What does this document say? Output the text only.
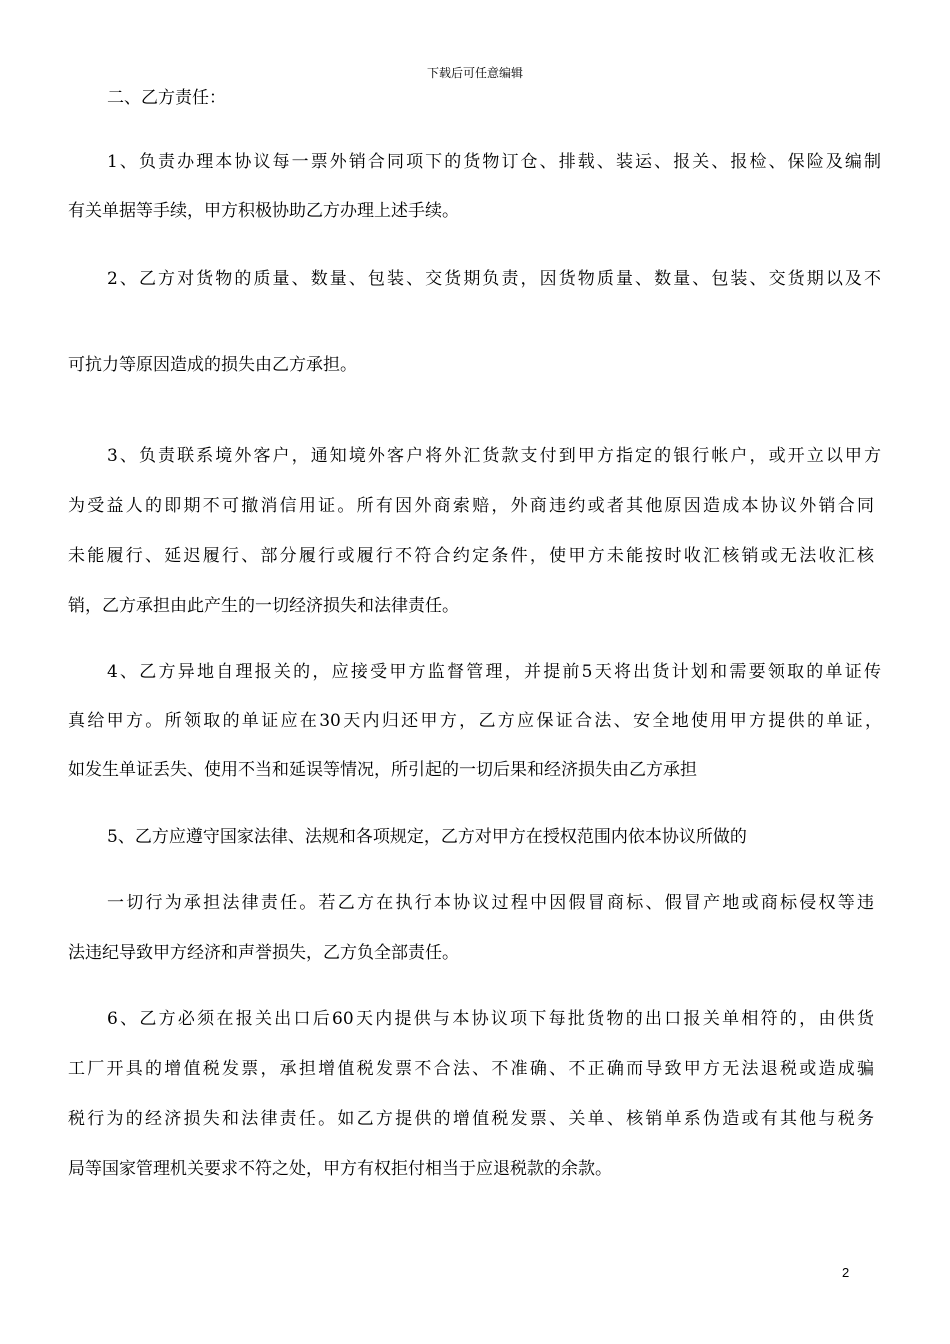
下载后可任意编辑
二、乙方责任：
1、负责办理本协议每一票外销合同项下的货物订仓、排载、装运、报关、报检、保险及编制
有关单据等手续，甲方积极协助乙方办理上述手续。
2、乙方对货物的质量、数量、包装、交货期负责，因货物质量、数量、包装、交货期以及不
可抗力等原因造成的损失由乙方承担。
3、负责联系境外客户，通知境外客户将外汇货款支付到甲方指定的银行帐户，或开立以甲方
为受益人的即期不可撤消信用证。所有因外商索赔，外商违约或者其他原因造成本协议外销合同
未能履行、延迟履行、部分履行或履行不符合约定条件，使甲方未能按时收汇核销或无法收汇核
销，乙方承担由此产生的一切经济损失和法律责任。
4、乙方异地自理报关的，应接受甲方监督管理，并提前5天将出货计划和需要领取的单证传
真给甲方。所领取的单证应在30天内归还甲方，乙方应保证合法、安全地使用甲方提供的单证，
如发生单证丢失、使用不当和延误等情况，所引起的一切后果和经济损失由乙方承担
5、乙方应遵守国家法律、法规和各项规定，乙方对甲方在授权范围内依本协议所做的
一切行为承担法律责任。若乙方在执行本协议过程中因假冒商标、假冒产地或商标侵权等违
法违纪导致甲方经济和声誉损失，乙方负全部责任。
6、乙方必须在报关出口后60天内提供与本协议项下每批货物的出口报关单相符的，由供货
工厂开具的增值税发票，承担增值税发票不合法、不准确、不正确而导致甲方无法退税或造成骗
税行为的经济损失和法律责任。如乙方提供的增值税发票、关单、核销单系伪造或有其他与税务
局等国家管理机关要求不符之处，甲方有权拒付相当于应退税款的余款。
2
